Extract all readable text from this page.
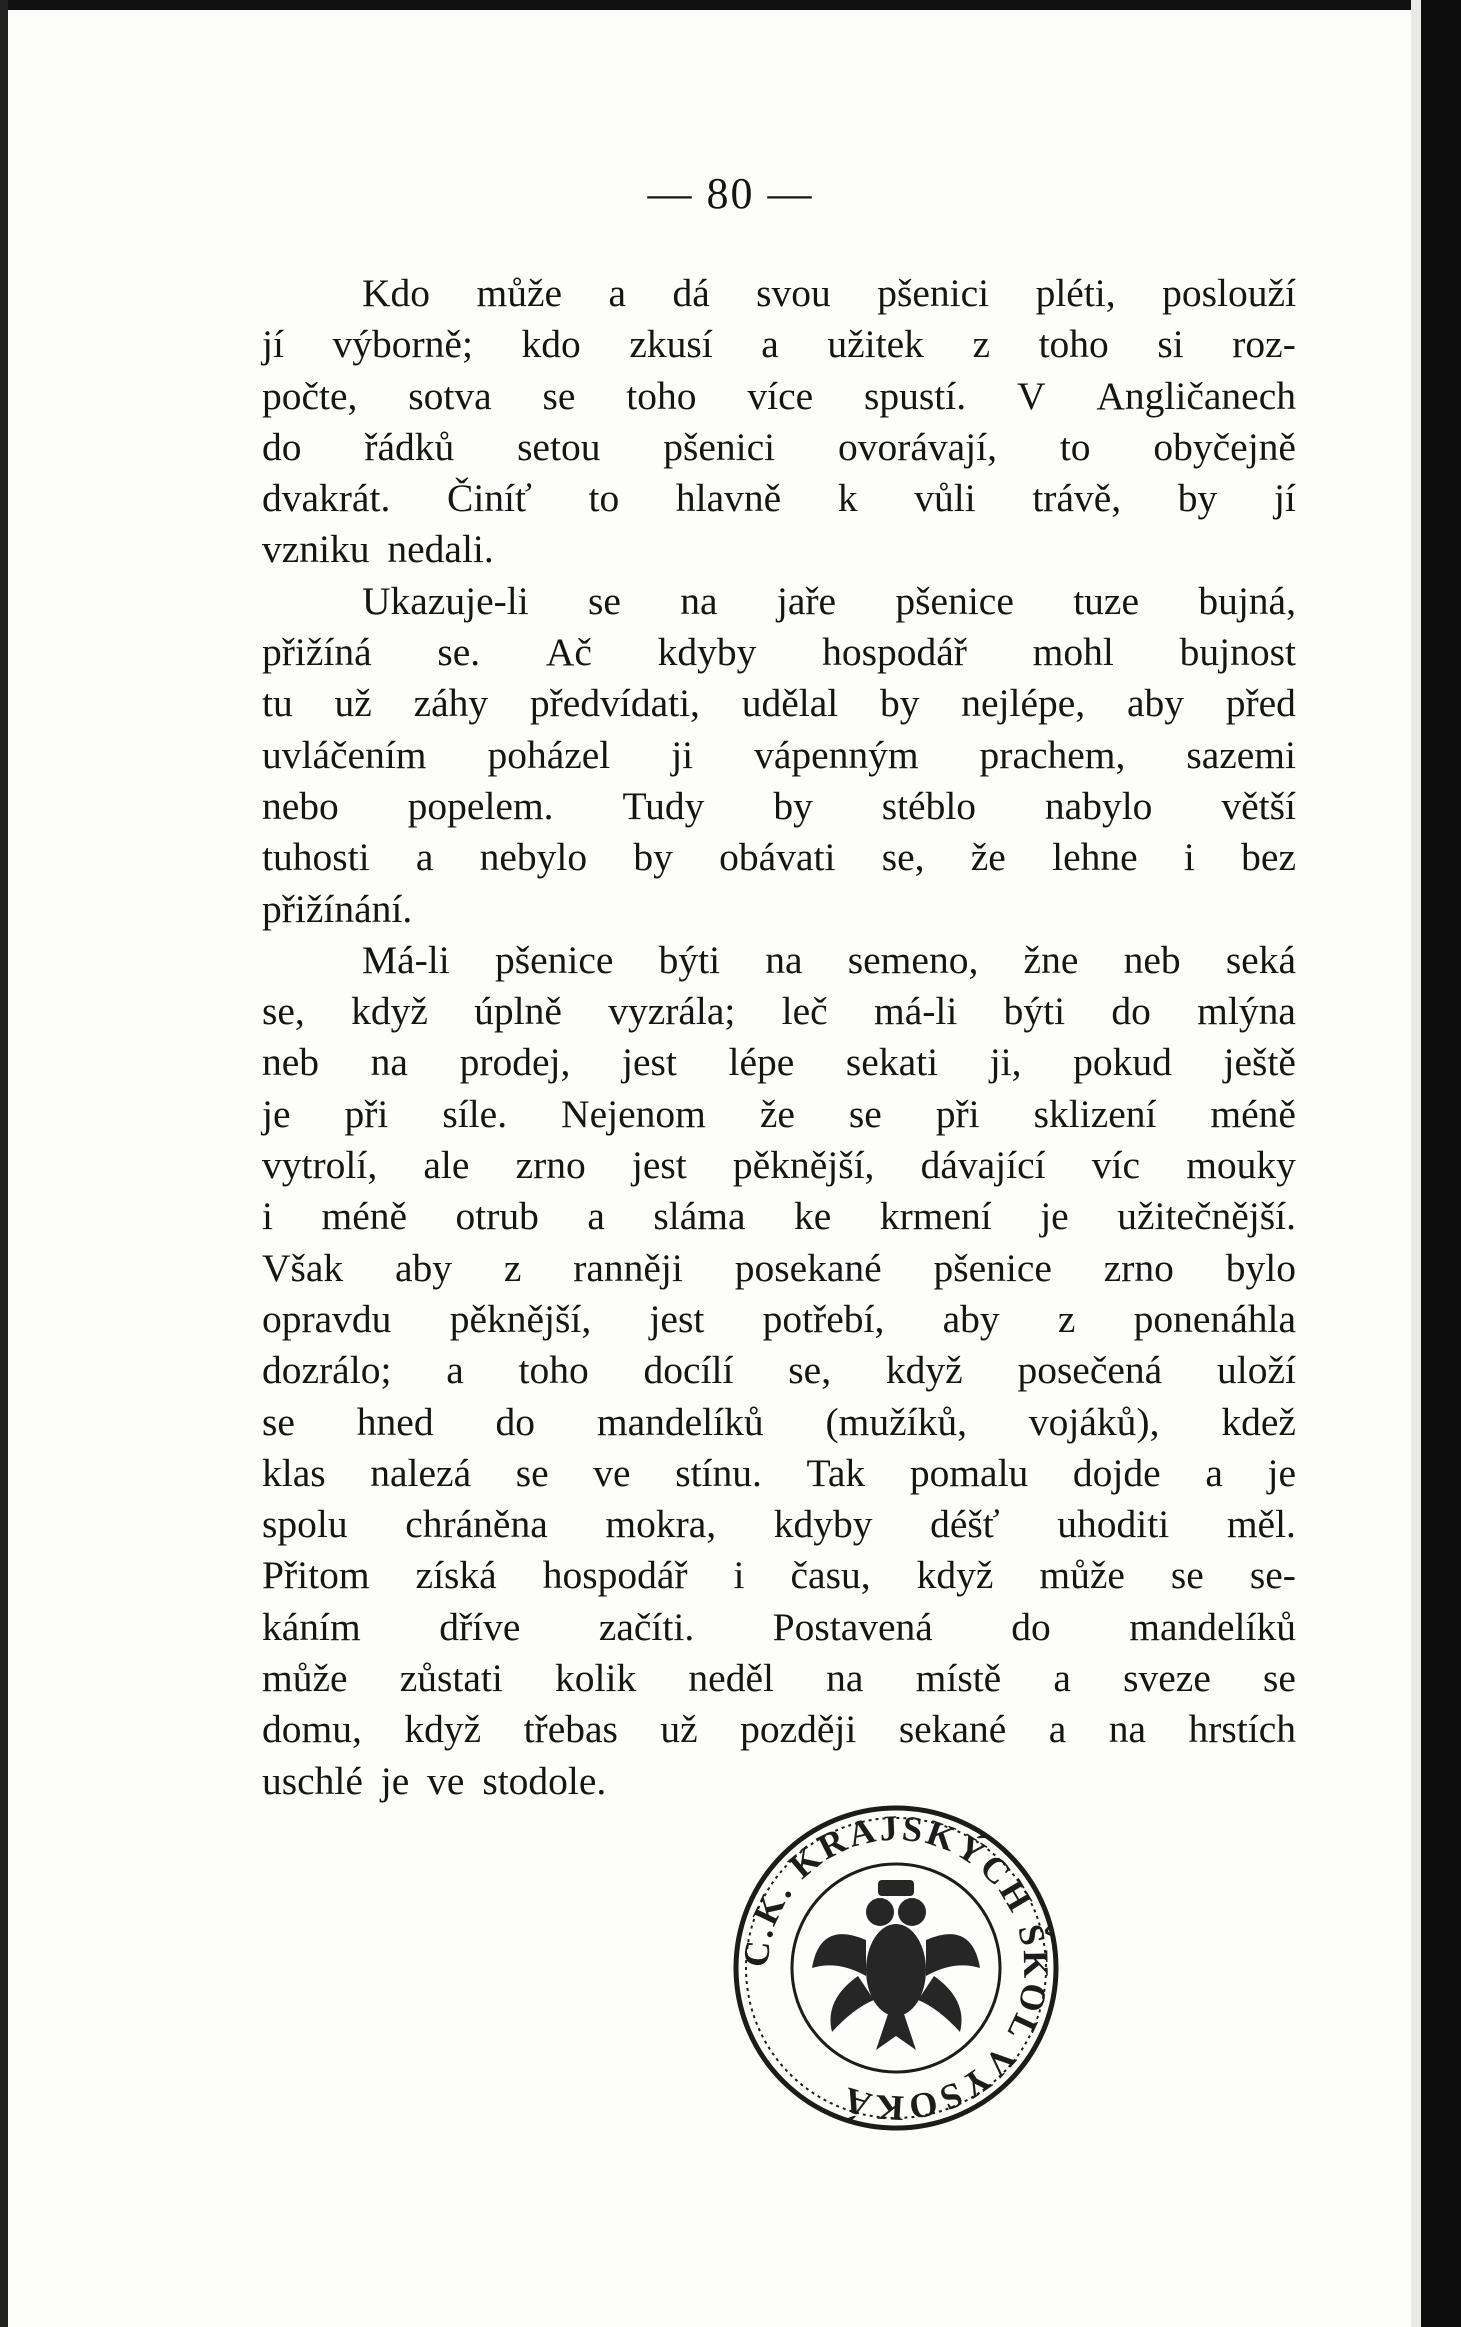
— 80 —
Kdo může a dá svou pšenici pléti, poslouží
jí výborně; kdo zkusí a užitek z toho si roz-
počte, sotva se toho více spustí. V Angličanech
do řádků setou pšenici ovorávají, to obyčejně
dvakrát. Činíť to hlavně k vůli trávě, by jí
vzniku nedali.
Ukazuje-li se na jaře pšenice tuze bujná,
přižíná se. Ač kdyby hospodář mohl bujnost
tu už záhy předvídati, udělal by nejlépe, aby před
uvláčením poházel ji vápenným prachem, sazemi
nebo popelem. Tudy by stéblo nabylo větší
tuhosti a nebylo by obávati se, že lehne i bez
přižínání.
Má-li pšenice býti na semeno, žne neb seká
se, když úplně vyzrála; leč má-li býti do mlýna
neb na prodej, jest lépe sekati ji, pokud ještě
je při síle. Nejenom že se při sklizení méně
vytrolí, ale zrno jest pěknější, dávající víc mouky
i méně otrub a sláma ke krmení je užitečnější.
Však aby z ranněji posekané pšenice zrno bylo
opravdu pěknější, jest potřebí, aby z ponenáhla
dozrálo; a toho docílí se, když posečená uloží
se hned do mandelíků (mužíků, vojáků), kdež
klas nalezá se ve stínu. Tak pomalu dojde a je
spolu chráněna mokra, kdyby déšť uhoditi měl.
Přitom získá hospodář i času, když může se se-
káním dříve začíti. Postavená do mandelíků
může zůstati kolik neděl na místě a sveze se
domu, když třebas už později sekané a na hrstích
uschlé je ve stodole.
C.K. KRAJSKÝCH ŠKOL VYSOKÁ
